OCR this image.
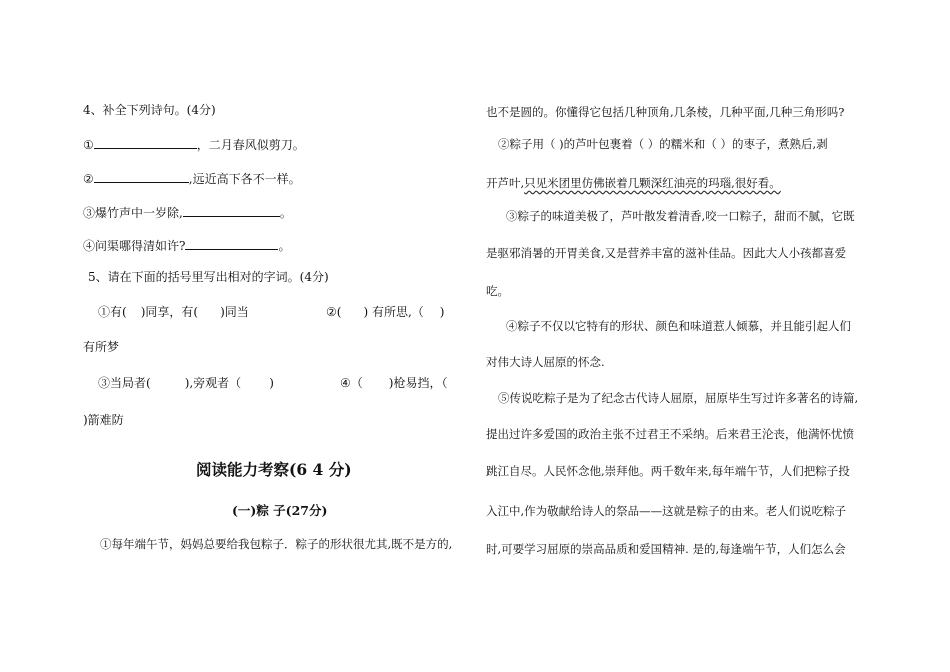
4、补全下列诗句。(4分)
①	，二月春风似剪刀。
②	,远近高下各不一样。
③爆竹声中一岁除,	。
④问渠哪得清如许?	。
5、请在下面的括号里写出相对的字词。(4分)
①有( )同享，有( )同当	②( ) 有所思,（ )
有所梦
③当局者(	),旁观者（ )	④（ )枪易挡，（
)箭难防
阅读能力考察(6 4 分)
(一)粽 子(27分)
①每年端午节，妈妈总要给我包粽子．粽子的形状很尤其,既不是方的,
也不是圆的。你懂得它包括几种顶角,几条棱，几种平面,几种三角形吗?
②粽子用（ )的芦叶包裹着（ ）的糯米和（ ）的枣子，煮熟后,剥
开芦叶,只见米团里仿佛嵌着几颗深红油亮的玛瑙,很好看。
③粽子的味道美极了，芦叶散发着清香,咬一口粽子，甜而不腻，它既
是驱邪消暑的开胃美食,又是营养丰富的滋补佳品。因此大人小孩都喜爱
吃。
④粽子不仅以它特有的形状、颜色和味道惹人倾慕，并且能引起人们
对伟大诗人屈原的怀念.
⑤传说吃粽子是为了纪念古代诗人屈原，屈原毕生写过许多著名的诗篇,
提出过许多爱国的政治主张不过君王不采纳。后来君王沦丧，他满怀忧愤
跳江自尽。人民怀念他,崇拜他。两千数年来,每年端午节，人们把粽子投
入江中,作为敬献给诗人的祭品——这就是粽子的由来。老人们说吃粽子
时,可要学习屈原的崇高品质和爱国精神. 是的,每逢端午节，人们怎么会
